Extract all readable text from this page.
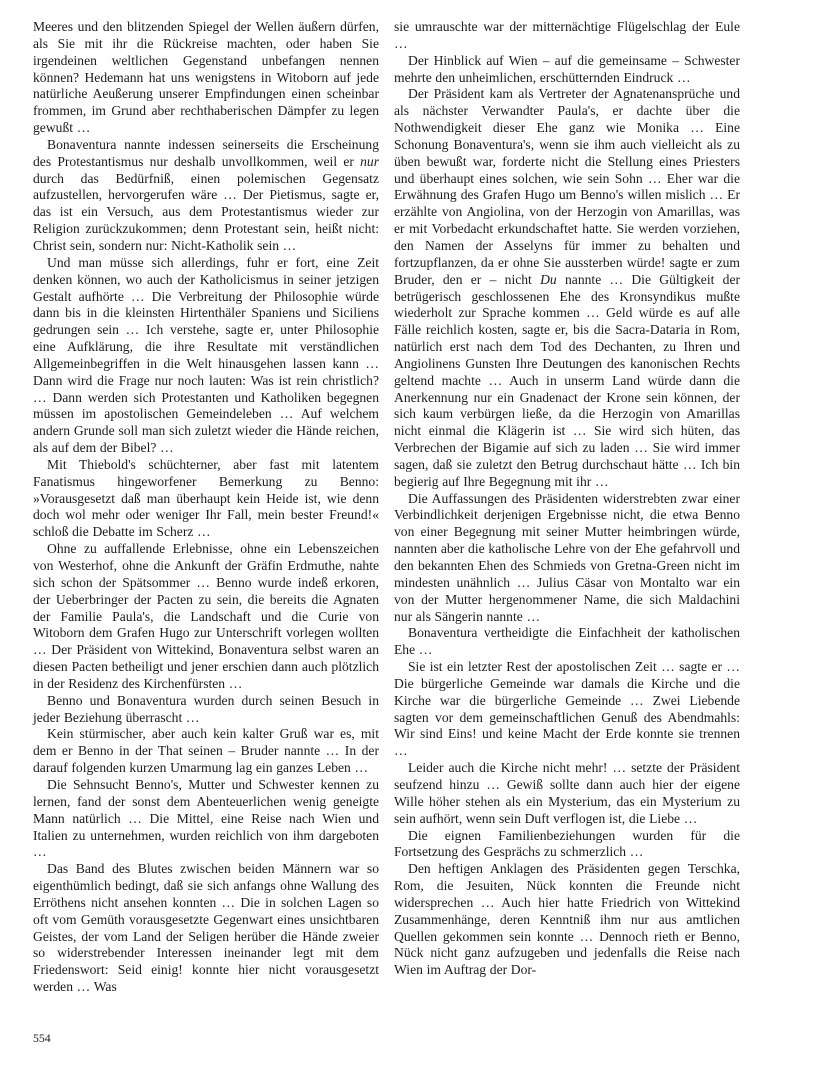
Meeres und den blitzenden Spiegel der Wellen äußern dürfen, als Sie mit ihr die Rückreise machten, oder haben Sie irgendeinen weltlichen Gegenstand unbefangen nennen können? Hedemann hat uns wenigstens in Witoborn auf jede natürliche Aeußerung unserer Empfindungen einen scheinbar frommen, im Grund aber rechthaberischen Dämpfer zu legen gewußt …

Bonaventura nannte indessen seinerseits die Erscheinung des Protestantismus nur deshalb unvollkommen, weil er nur durch das Bedürfniß, einen polemischen Gegensatz aufzustellen, hervorgerufen wäre … Der Pietismus, sagte er, das ist ein Versuch, aus dem Protestantismus wieder zur Religion zurückzukommen; denn Protestant sein, heißt nicht: Christ sein, sondern nur: Nicht-Katholik sein …

Und man müsse sich allerdings, fuhr er fort, eine Zeit denken können, wo auch der Katholicismus in seiner jetzigen Gestalt aufhörte … Die Verbreitung der Philosophie würde dann bis in die kleinsten Hirtenthäler Spaniens und Siciliens gedrungen sein … Ich verstehe, sagte er, unter Philosophie eine Aufklärung, die ihre Resultate mit verständlichen Allgemeinbegriffen in die Welt hinausgehen lassen kann … Dann wird die Frage nur noch lauten: Was ist rein christlich? … Dann werden sich Protestanten und Katholiken begegnen müssen im apostolischen Gemeindeleben … Auf welchem andern Grunde soll man sich zuletzt wieder die Hände reichen, als auf dem der Bibel? …

Mit Thiebold's schüchterner, aber fast mit latentem Fanatismus hingeworfener Bemerkung zu Benno: »Vorausgesetzt daß man überhaupt kein Heide ist, wie denn doch wol mehr oder weniger Ihr Fall, mein bester Freund!« schloß die Debatte im Scherz …

Ohne zu auffallende Erlebnisse, ohne ein Lebenszeichen von Westerhof, ohne die Ankunft der Gräfin Erdmuthe, nahte sich schon der Spätsommer … Benno wurde indeß erkoren, der Ueberbringer der Pacten zu sein, die bereits die Agnaten der Familie Paula's, die Landschaft und die Curie von Witoborn dem Grafen Hugo zur Unterschrift vorlegen wollten … Der Präsident von Wittekind, Bonaventura selbst waren an diesen Pacten betheiligt und jener erschien dann auch plötzlich in der Residenz des Kirchenfürsten …

Benno und Bonaventura wurden durch seinen Besuch in jeder Beziehung überrascht …

Kein stürmischer, aber auch kein kalter Gruß war es, mit dem er Benno in der That seinen – Bruder nannte … In der darauf folgenden kurzen Umarmung lag ein ganzes Leben …

Die Sehnsucht Benno's, Mutter und Schwester kennen zu lernen, fand der sonst dem Abenteuerlichen wenig geneigte Mann natürlich … Die Mittel, eine Reise nach Wien und Italien zu unternehmen, wurden reichlich von ihm dargeboten …

Das Band des Blutes zwischen beiden Männern war so eigenthümlich bedingt, daß sie sich anfangs ohne Wallung des Erröthens nicht ansehen konnten … Die in solchen Lagen so oft vom Gemüth vorausgesetzte Gegenwart eines unsichtbaren Geistes, der vom Land der Seligen herüber die Hände zweier so widerstrebender Interessen ineinander legt mit dem Friedenswort: Seid einig! konnte hier nicht vorausgesetzt werden … Was

sie umrauschte war der mitternächtige Flügelschlag der Eule …

Der Hinblick auf Wien – auf die gemeinsame – Schwester mehrte den unheimlichen, erschütternden Eindruck …

Der Präsident kam als Vertreter der Agnatenansprüche und als nächster Verwandter Paula's, er dachte über die Nothwendigkeit dieser Ehe ganz wie Monika … Eine Schonung Bonaventura's, wenn sie ihm auch vielleicht als zu üben bewußt war, forderte nicht die Stellung eines Priesters und überhaupt eines solchen, wie sein Sohn … Eher war die Erwähnung des Grafen Hugo um Benno's willen mislich … Er erzählte von Angiolina, von der Herzogin von Amarillas, was er mit Vorbedacht erkundschaftet hatte. Sie werden vorziehen, den Namen der Asselyns für immer zu behalten und fortzupflanzen, da er ohne Sie aussterben würde! sagte er zum Bruder, den er – nicht Du nannte … Die Gültigkeit der betrügerisch geschlossenen Ehe des Kronsyndikus mußte wiederholt zur Sprache kommen … Geld würde es auf alle Fälle reichlich kosten, sagte er, bis die Sacra-Dataria in Rom, natürlich erst nach dem Tod des Dechanten, zu Ihren und Angiolinens Gunsten Ihre Deutungen des kanonischen Rechts geltend machte … Auch in unserm Land würde dann die Anerkennung nur ein Gnadenact der Krone sein können, der sich kaum verbürgen ließe, da die Herzogin von Amarillas nicht einmal die Klägerin ist … Sie wird sich hüten, das Verbrechen der Bigamie auf sich zu laden … Sie wird immer sagen, daß sie zuletzt den Betrug durchschaut hätte … Ich bin begierig auf Ihre Begegnung mit ihr …

Die Auffassungen des Präsidenten widerstrebten zwar einer Verbindlichkeit derjenigen Ergebnisse nicht, die etwa Benno von einer Begegnung mit seiner Mutter heimbringen würde, nannten aber die katholische Lehre von der Ehe gefahrvoll und den bekannten Ehen des Schmieds von Gretna-Green nicht im mindesten unähnlich … Julius Cäsar von Montalto war ein von der Mutter hergenommener Name, die sich Maldachini nur als Sängerin nannte …

Bonaventura vertheidigte die Einfachheit der katholischen Ehe …

Sie ist ein letzter Rest der apostolischen Zeit … sagte er … Die bürgerliche Gemeinde war damals die Kirche und die Kirche war die bürgerliche Gemeinde … Zwei Liebende sagten vor dem gemeinschaftlichen Genuß des Abendmahls: Wir sind Eins! und keine Macht der Erde konnte sie trennen …

Leider auch die Kirche nicht mehr! … setzte der Präsident seufzend hinzu … Gewiß sollte dann auch hier der eigene Wille höher stehen als ein Mysterium, das ein Mysterium zu sein aufhört, wenn sein Duft verflogen ist, die Liebe …

Die eignen Familienbeziehungen wurden für die Fortsetzung des Gesprächs zu schmerzlich …

Den heftigen Anklagen des Präsidenten gegen Terschka, Rom, die Jesuiten, Nück konnten die Freunde nicht widersprechen … Auch hier hatte Friedrich von Wittekind Zusammenhänge, deren Kenntniß ihm nur aus amtlichen Quellen gekommen sein konnte … Dennoch rieth er Benno, Nück nicht ganz aufzugeben und jedenfalls die Reise nach Wien im Auftrag der Dor-

554
